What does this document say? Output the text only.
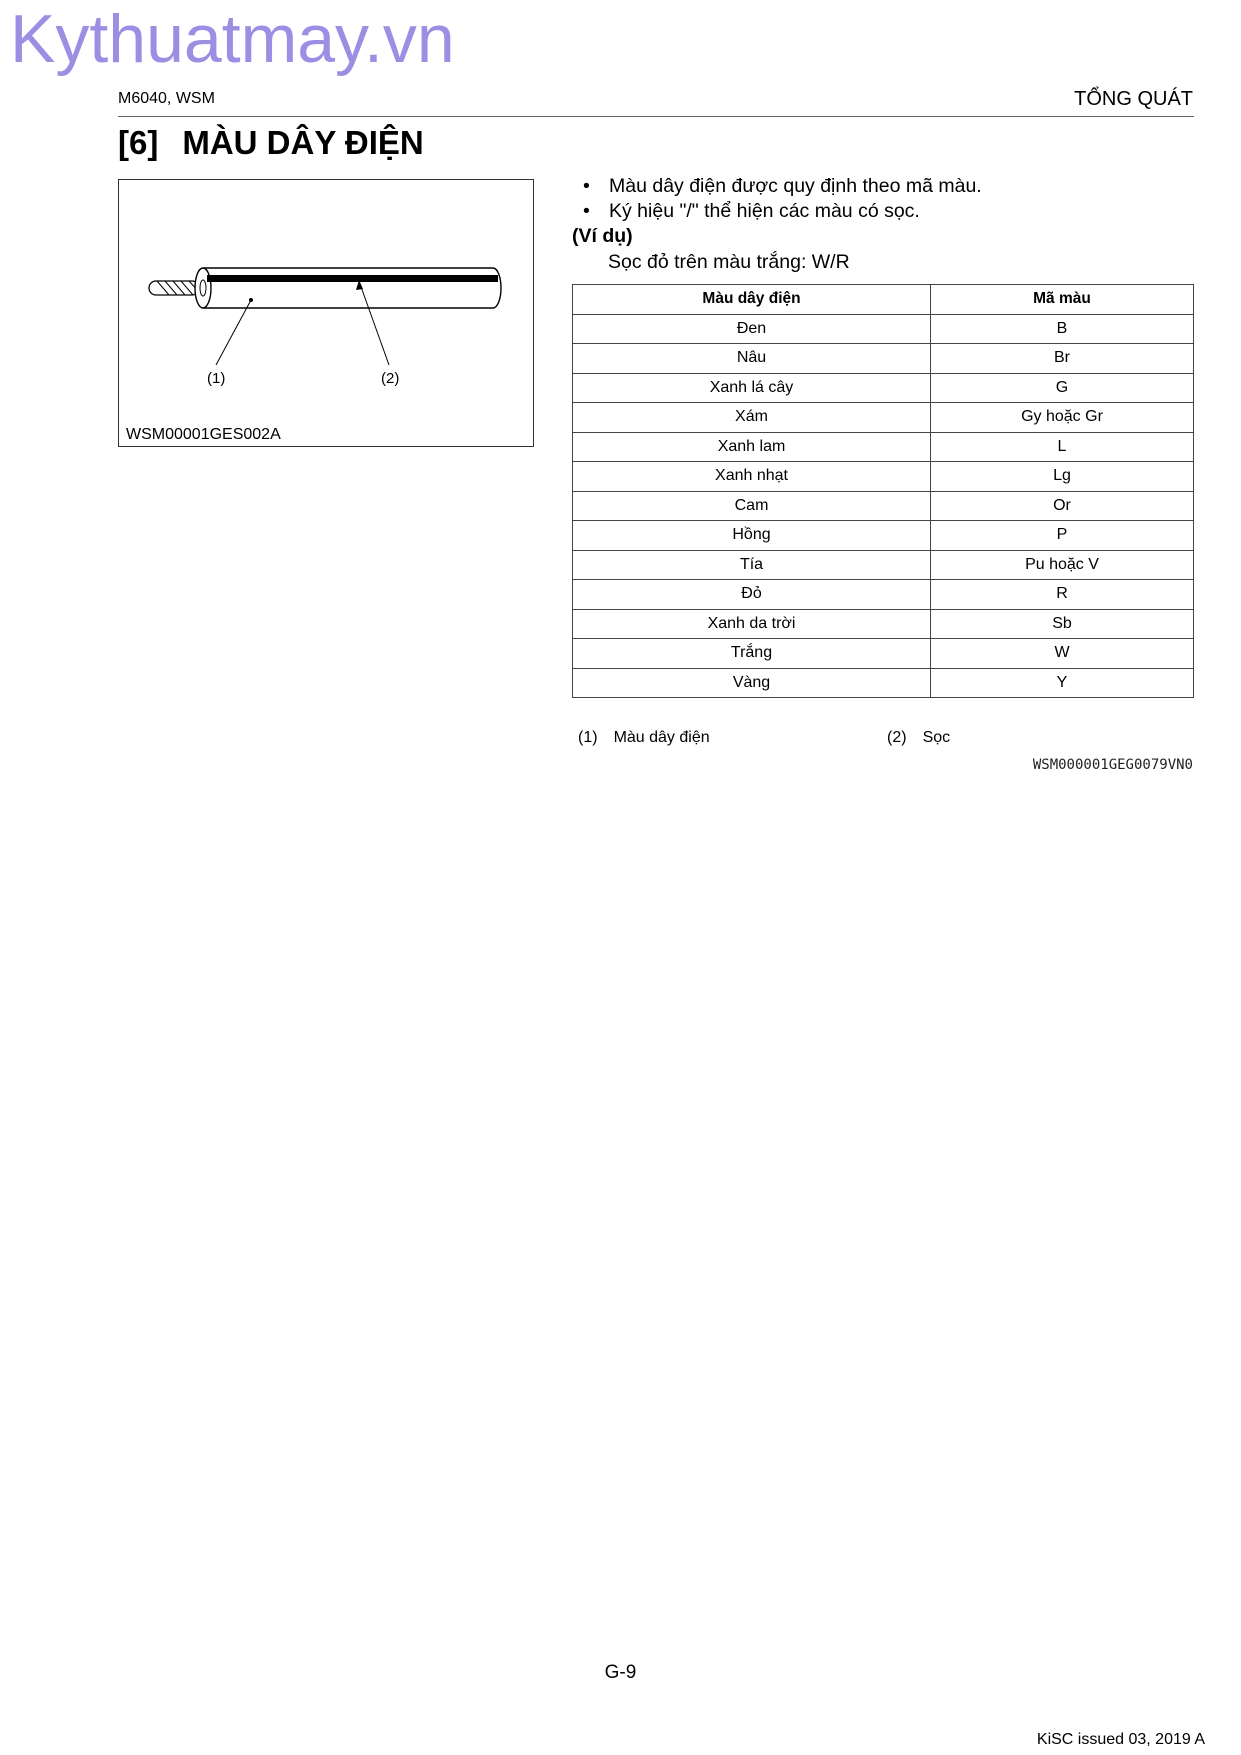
Kythuatmay.vn
M6040, WSM	TỔNG QUÁT
[6] MÀU DÂY ĐIỆN
(1)	(2)
WSM00001GES002A
• Màu dây điện được quy định theo mã màu.
• Ký hiệu "/" thể hiện các màu có sọc.
(Ví dụ)
Sọc đỏ trên màu trắng: W/R
Màu dây điện	Mã màu
Đen	B
Nâu	Br
Xanh lá cây	G
Xám	Gy hoặc Gr
Xanh lam	L
Xanh nhạt	Lg
Cam	Or
Hồng	P
Tía	Pu hoặc V
Đỏ	R
Xanh da trời	Sb
Trắng	W
Vàng	Y
(1) Màu dây điện	(2) Sọc
WSM000001GEG0079VN0
G-9
KiSC issued 03, 2019 A
